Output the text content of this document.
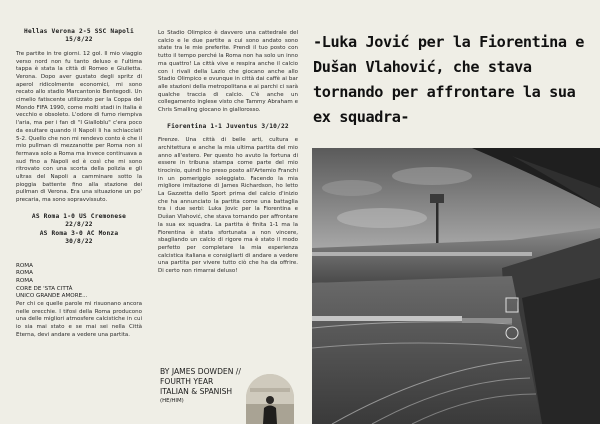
Hellas Verona 2-5 SSC Napoli
15/8/22

Tre partite in tre giorni. 12 gol. Il mio viaggio verso nord non fu tanto deluso e l'ultima tappa è stata la città di Romeo e Giulietta. Verona. Dopo aver gustato degli spritz di aperol ridicolmente economici, mi sono recato allo stadio Marcantonio Bentegodi. Un cimelio fatiscente utilizzato per la Coppa del Mondo FIFA 1990, come molti stadi in Italia è vecchio e obsoleto. L'odore di fumo riempiva l'aria, ma per i fan di "I Gialloblu" c'era poco da esultare quando il Napoli li ha schiacciati 5-2. Quello che non mi rendevo conto è che il mio pullman di mezzanotte per Roma non si fermava solo a Roma ma invece continuava a sud fino a Napoli ed è così che mi sono ritrovato con una scorta della polizia e gli ultras del Napoli a camminare sotto la pioggia battente fino alla stazione dei pullman di Verona. Era una situazione un po' precaria, ma sono sopravvissuto.

AS Roma 1-0 US Cremonese
22/8/22
AS Roma 3-0 AC Monza
30/8/22
ROMA
ROMA
ROMA
CORE DE 'STA CITTÀ
UNICO GRANDE AMORE...

Per chi ce quelle parole mi risuonano ancora nelle orecchie. I tifosi della Roma producono una delle migliori atmosfere calcistiche in cui io sia mai stato e se mai sei nella Città Eterna, devi andare a vedere una partita.

Lo Stadio Olimpico è davvero una cattedrale del calcio e le due partite a cui sono andato sono state tra le mie preferite. Prendi il tuo posto con tutto il tempo perché la Roma non ha solo un inno ma quattro! La città vive e respira anche il calcio con i rivali della Lazio che giocano anche allo Stadio Olimpico e ovunque in città dai caffè ai bar alle stazioni della metropolitana e ai parchi ci sarà qualche traccia di calcio. C'è anche un collegamento inglese visto che Tammy Abraham e Chris Smalling giocano in giallorosso.

Fiorentina 1-1 Juventus 3/10/22

Firenze. Una città di belle arti, cultura e architettura e anche la mia ultima partita del mio anno all'estero. Per questo ho avuto la fortuna di essere in tribuna stampa come parte del mio tirocinio, quindi ho preso posto all'Artemio Franchi in un pomeriggio soleggiato. Facendo la mia migliore imitazione di James Richardson, ho letto La Gazzetta dello Sport prima del calcio d'inizio che ha annunciato la partita come una battaglia tra i due serbi: Luka Jovic per la Fiorentina e Dušan Vlahović, che stava tornando per affrontare la sua ex squadra. La partita è finita 1-1 ma la Fiorentina è stata sfortunata a non vincere, sbagliando un calcio di rigore ma è stato il modo perfetto per completare la mia esperienza calcistica italiana e consigliarti di andare a vedere una partita per vivere tutto ciò che ha da offrire. Di certo non rimarrai deluso!

BY JAMES DOWDEN //
FOURTH YEAR
ITALIAN & SPANISH
(HE/HIM)
-Luka Jović per la Fiorentina e Dušan Vlahović, che stava tornando per affrontare la sua ex squadra-
